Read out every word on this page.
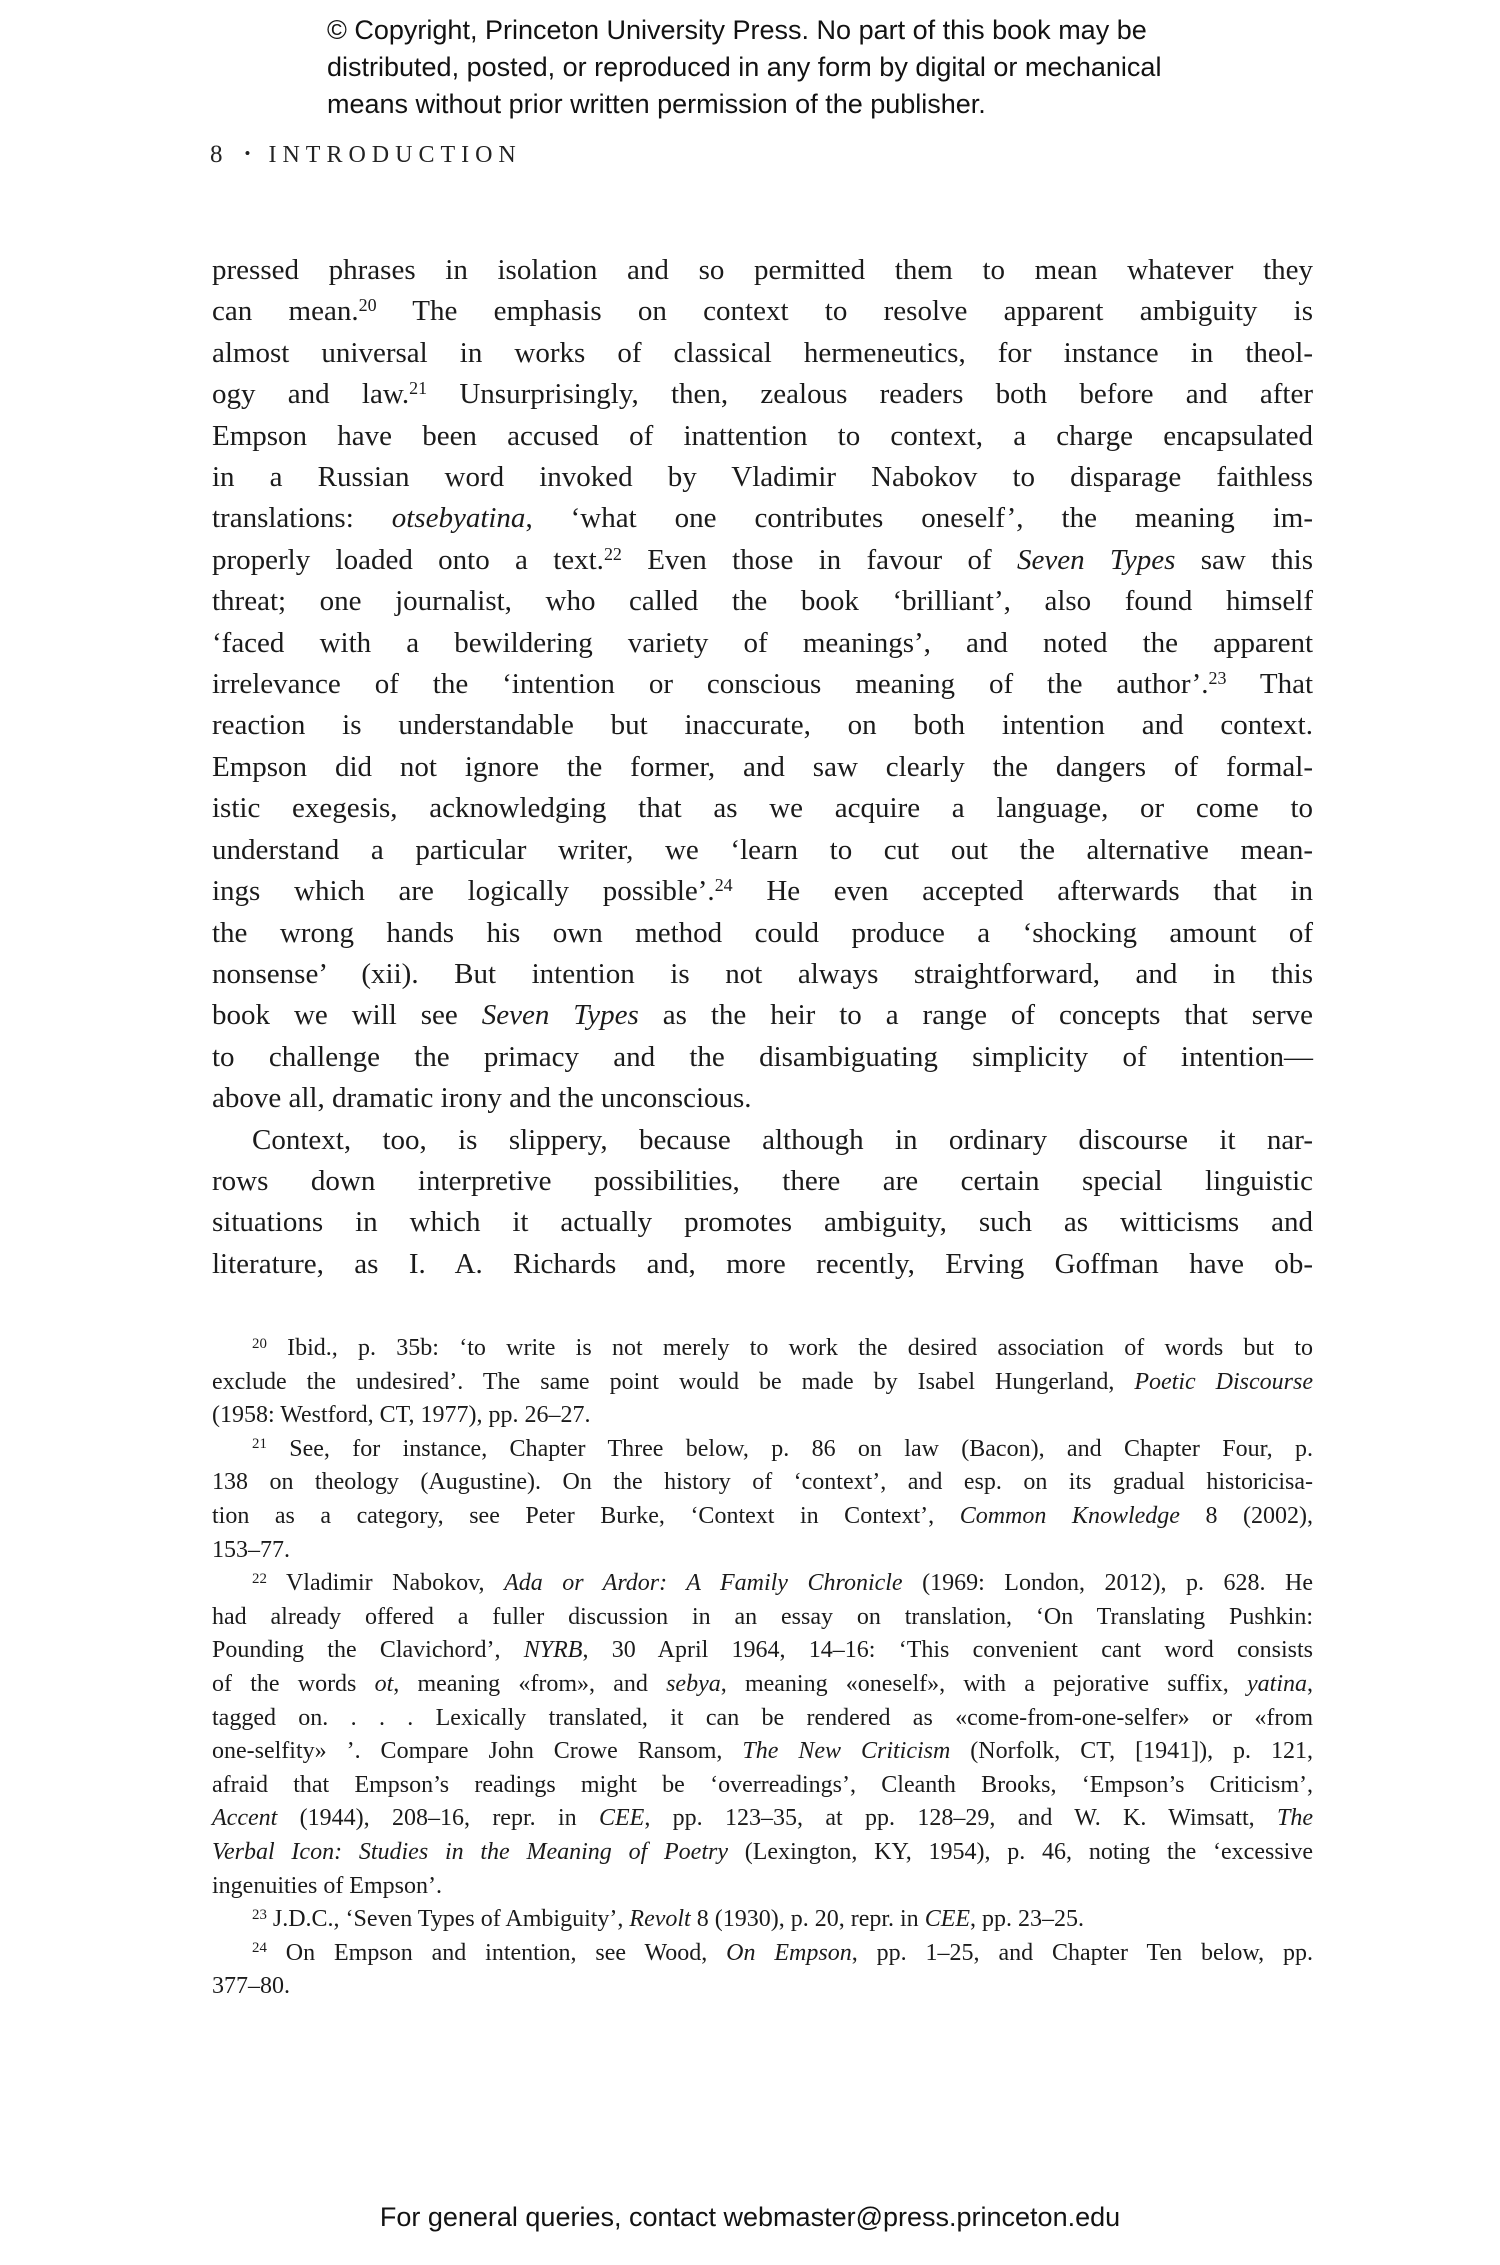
© Copyright, Princeton University Press. No part of this book may be
distributed, posted, or reproduced in any form by digital or mechanical
means without prior written permission of the publisher.
8 • INTRODUCTION
pressed phrases in isolation and so permitted them to mean whatever they
can mean.$^{20}$ The emphasis on context to resolve apparent ambiguity is
almost universal in works of classical hermeneutics, for instance in theol-
ogy and law.$^{21}$ Unsurprisingly, then, zealous readers both before and after
Empson have been accused of inattention to context, a charge encapsulated
in a Russian word invoked by Vladimir Nabokov to disparage faithless
translations: otsebyatina, ‘what one contributes oneself’, the meaning im-
properly loaded onto a text.$^{22}$ Even those in favour of Seven Types saw this
threat; one journalist, who called the book ‘brilliant’, also found himself
‘faced with a bewildering variety of meanings’, and noted the apparent
irrelevance of the ‘intention or conscious meaning of the author’.$^{23}$ That
reaction is understandable but inaccurate, on both intention and context.
Empson did not ignore the former, and saw clearly the dangers of formal-
istic exegesis, acknowledging that as we acquire a language, or come to
understand a particular writer, we ‘learn to cut out the alternative mean-
ings which are logically possible’.$^{24}$ He even accepted afterwards that in
the wrong hands his own method could produce a ‘shocking amount of
nonsense’ (xii). But intention is not always straightforward, and in this
book we will see Seven Types as the heir to a range of concepts that serve
to challenge the primacy and the disambiguating simplicity of intention—
above all, dramatic irony and the unconscious.
Context, too, is slippery, because although in ordinary discourse it nar-
rows down interpretive possibilities, there are certain special linguistic
situations in which it actually promotes ambiguity, such as witticisms and
literature, as I. A. Richards and, more recently, Erving Goffman have ob-
$^{20}$ Ibid., p. 35b: ‘to write is not merely to work the desired association of words but to
exclude the undesired’. The same point would be made by Isabel Hungerland, Poetic Discourse
(1958: Westford, CT, 1977), pp. 26–27.
$^{21}$ See, for instance, Chapter Three below, p. 86 on law (Bacon), and Chapter Four, p.
138 on theology (Augustine). On the history of ‘context’, and esp. on its gradual historicisa-
tion as a category, see Peter Burke, ‘Context in Context’, Common Knowledge 8 (2002),
153–77.
$^{22}$ Vladimir Nabokov, Ada or Ardor: A Family Chronicle (1969: London, 2012), p. 628. He
had already offered a fuller discussion in an essay on translation, ‘On Translating Pushkin:
Pounding the Clavichord’, NYRB, 30 April 1964, 14–16: ‘This convenient cant word consists
of the words ot, meaning «from», and sebya, meaning «oneself», with a pejorative suffix, yatina,
tagged on. . . . Lexically translated, it can be rendered as «come-from-one-selfer» or «from
one-selfity» ’. Compare John Crowe Ransom, The New Criticism (Norfolk, CT, [1941]), p. 121,
afraid that Empson’s readings might be ‘overreadings’, Cleanth Brooks, ‘Empson’s Criticism’,
Accent (1944), 208–16, repr. in CEE, pp. 123–35, at pp. 128–29, and W. K. Wimsatt, The
Verbal Icon: Studies in the Meaning of Poetry (Lexington, KY, 1954), p. 46, noting the ‘excessive
ingenuities of Empson’.
$^{23}$ J.D.C., ‘Seven Types of Ambiguity’, Revolt 8 (1930), p. 20, repr. in CEE, pp. 23–25.
$^{24}$ On Empson and intention, see Wood, On Empson, pp. 1–25, and Chapter Ten below, pp.
377–80.
For general queries, contact webmaster@press.princeton.edu
